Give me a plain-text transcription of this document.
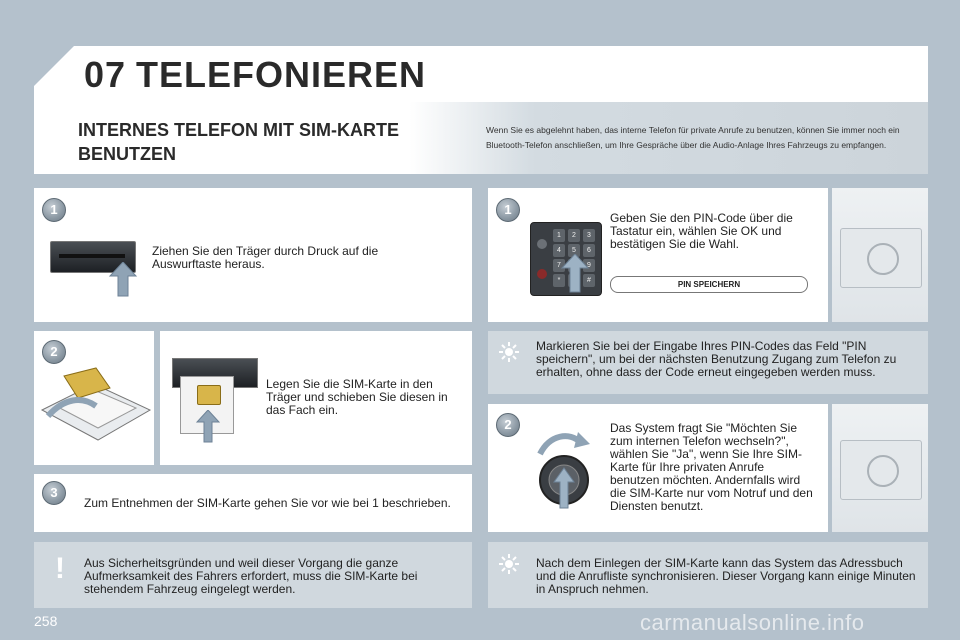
07 TELEFONIEREN
INTERNES TELEFON MIT SIM-KARTE
BENUTZEN
Wenn Sie es abgelehnt haben, das interne Telefon für private Anrufe zu benutzen, können Sie immer noch ein Bluetooth-Telefon anschließen, um Ihre Gespräche über die Audio-Anlage Ihres Fahrzeugs zu empfangen.
1
Ziehen Sie den Träger durch Druck auf die Auswurftaste heraus.
2
Legen Sie die SIM-Karte in den Träger und schieben Sie diesen in das Fach ein.
3
Zum Entnehmen der SIM-Karte gehen Sie vor wie bei 1 beschrieben.
!	Aus Sicherheitsgründen und weil dieser Vorgang die ganze Aufmerksamkeit des Fahrers erfordert, muss die SIM-Karte bei stehendem Fahrzeug eingelegt werden.
1
1	2	3
4	5	6
7	9
*	#
Geben Sie den PIN-Code über die Tastatur ein, wählen Sie OK und bestätigen Sie die Wahl.
PIN SPEICHERN
Markieren Sie bei der Eingabe Ihres PIN-Codes das Feld "PIN speichern", um bei der nächsten Benutzung Zugang zum Telefon zu erhalten, ohne dass der Code erneut eingegeben werden muss.
2	Das System fragt Sie "Möchten Sie zum internen Telefon wechseln?", wählen Sie "Ja", wenn Sie Ihre SIM-Karte für Ihre privaten Anrufe benutzen möchten. Andernfalls wird die SIM-Karte nur vom Notruf und den Diensten benutzt.
Nach dem Einlegen der SIM-Karte kann das System das Adressbuch und die Anrufliste synchronisieren. Dieser Vorgang kann einige Minuten in Anspruch nehmen.
258	carmanualsonline.info
